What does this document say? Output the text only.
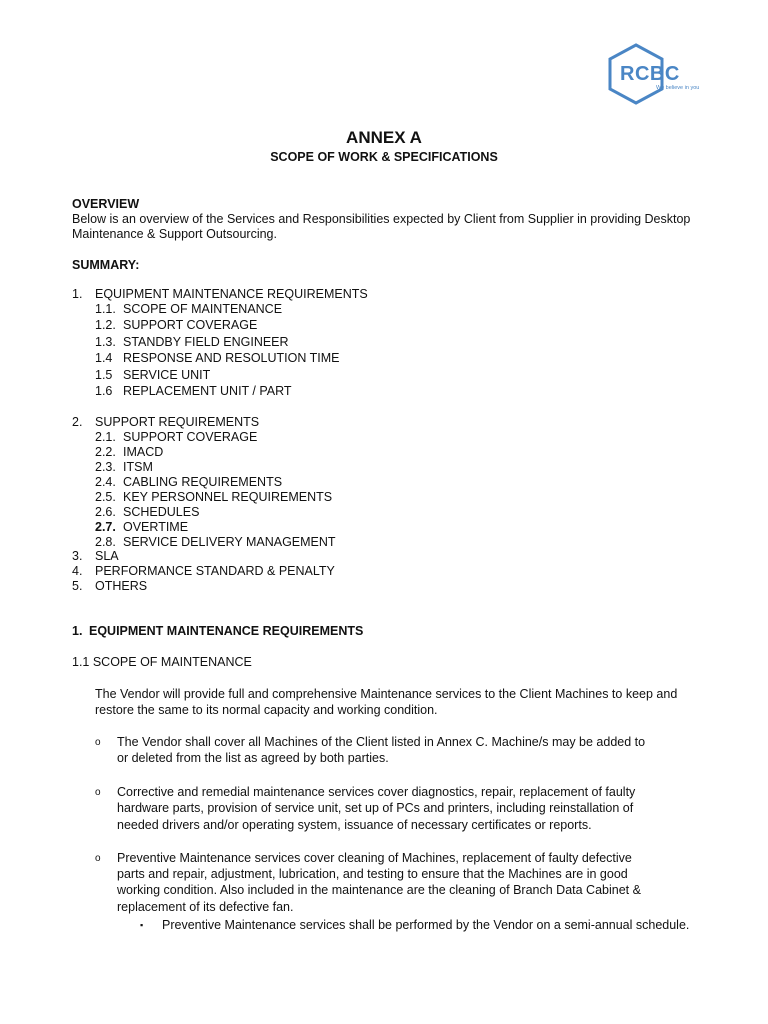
RCBC
We believe in you
ANNEX A
SCOPE OF WORK & SPECIFICATIONS
OVERVIEW
Below is an overview of the Services and Responsibilities expected by Client from Supplier in providing Desktop
Maintenance & Support Outsourcing.
SUMMARY:
1. EQUIPMENT MAINTENANCE REQUIREMENTS
1.1. SCOPE OF MAINTENANCE
1.2. SUPPORT COVERAGE
1.3. STANDBY FIELD ENGINEER
1.4 RESPONSE AND RESOLUTION TIME
1.5 SERVICE UNIT
1.6 REPLACEMENT UNIT / PART
2. SUPPORT REQUIREMENTS
2.1. SUPPORT COVERAGE
2.2. IMACD
2.3. ITSM
2.4. CABLING REQUIREMENTS
2.5. KEY PERSONNEL REQUIREMENTS
2.6. SCHEDULES
2.7. OVERTIME
2.8. SERVICE DELIVERY MANAGEMENT
3. SLA
4. PERFORMANCE STANDARD & PENALTY
5. OTHERS
1. EQUIPMENT MAINTENANCE REQUIREMENTS
1.1 SCOPE OF MAINTENANCE
The Vendor will provide full and comprehensive Maintenance services to the Client Machines to keep and
restore the same to its normal capacity and working condition.
o The Vendor shall cover all Machines of the Client listed in Annex C. Machine/s may be added to
or deleted from the list as agreed by both parties.
o Corrective and remedial maintenance services cover diagnostics, repair, replacement of faulty
hardware parts, provision of service unit, set up of PCs and printers, including reinstallation of
needed drivers and/or operating system, issuance of necessary certificates or reports.
o Preventive Maintenance services cover cleaning of Machines, replacement of faulty defective
parts and repair, adjustment, lubrication, and testing to ensure that the Machines are in good
working condition. Also included in the maintenance are the cleaning of Branch Data Cabinet &
replacement of its defective fan.
▪ Preventive Maintenance services shall be performed by the Vendor on a semi-annual schedule.
